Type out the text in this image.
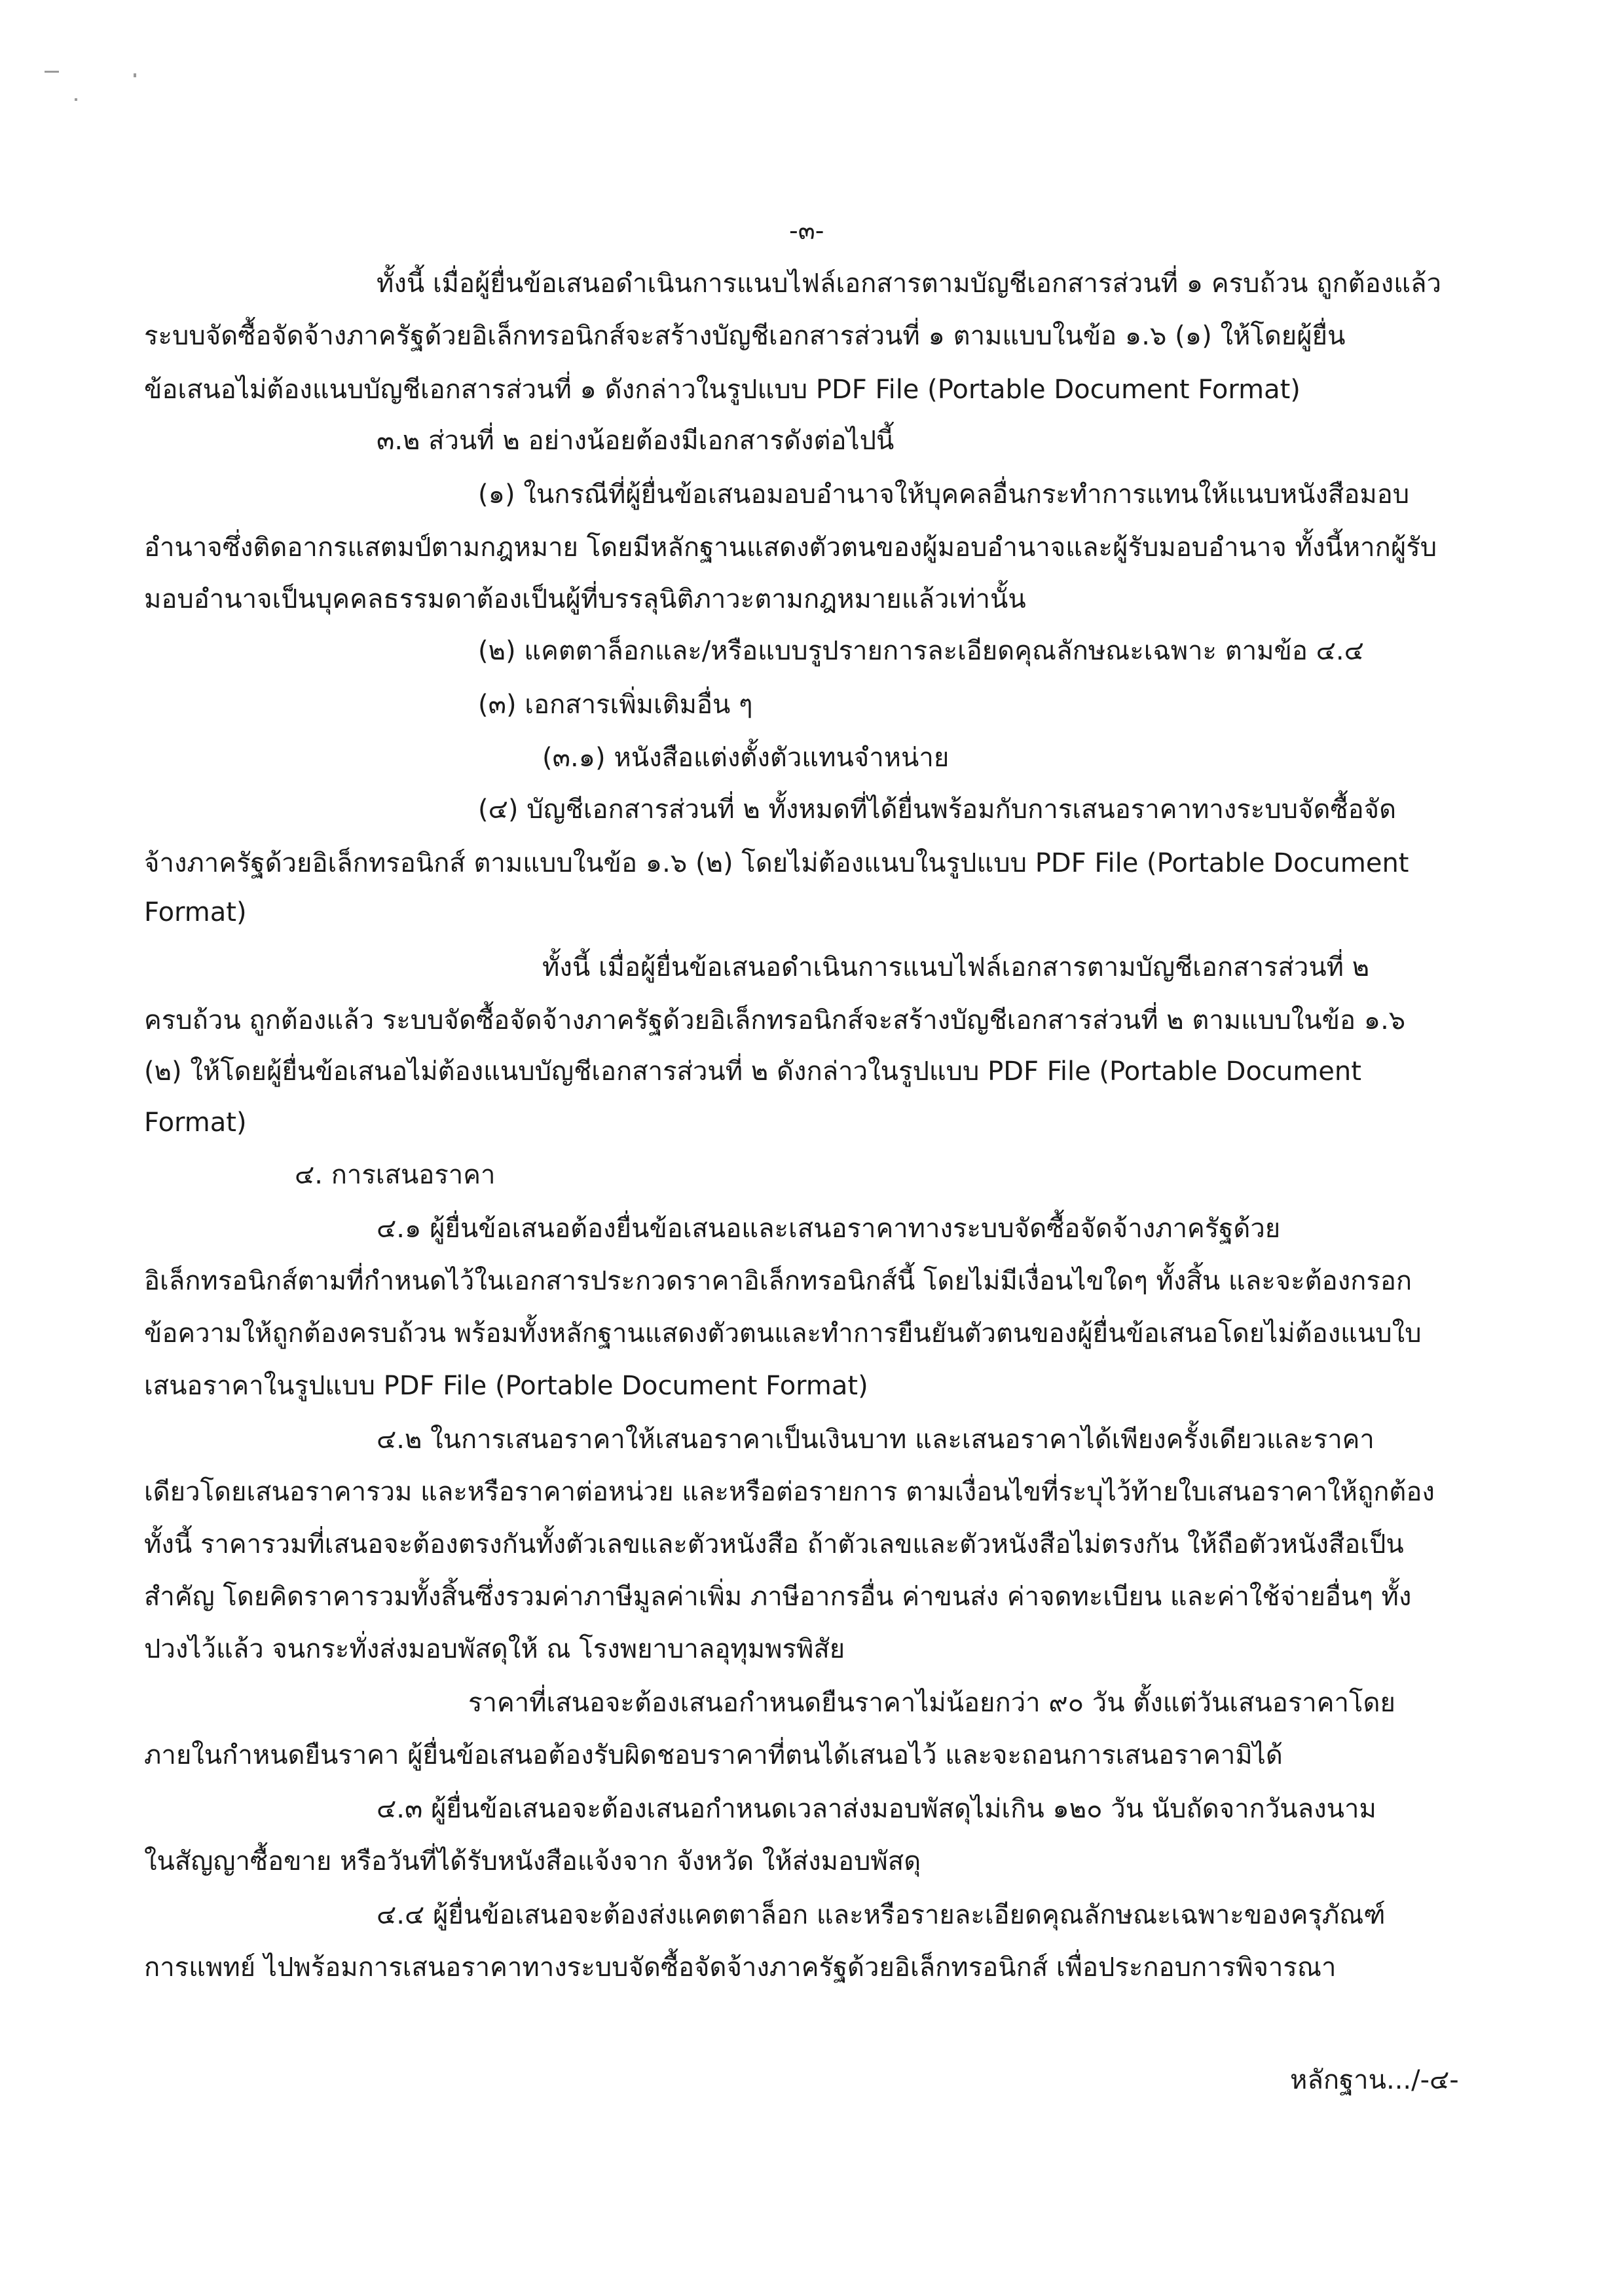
-๓-
ทั้งนี้ เมื่อผู้ยื่นข้อเสนอดำเนินการแนบไฟล์เอกสารตามบัญชีเอกสารส่วนที่ ๑ ครบถ้วน ถูกต้องแล้ว
ระบบจัดซื้อจัดจ้างภาครัฐด้วยอิเล็กทรอนิกส์จะสร้างบัญชีเอกสารส่วนที่ ๑ ตามแบบในข้อ ๑.๖ (๑) ให้โดยผู้ยื่น
ข้อเสนอไม่ต้องแนบบัญชีเอกสารส่วนที่ ๑ ดังกล่าวในรูปแบบ PDF File (Portable Document Format)
๓.๒ ส่วนที่ ๒ อย่างน้อยต้องมีเอกสารดังต่อไปนี้
(๑) ในกรณีที่ผู้ยื่นข้อเสนอมอบอำนาจให้บุคคลอื่นกระทำการแทนให้แนบหนังสือมอบ
อำนาจซึ่งติดอากรแสตมป์ตามกฎหมาย โดยมีหลักฐานแสดงตัวตนของผู้มอบอำนาจและผู้รับมอบอำนาจ ทั้งนี้หากผู้รับ
มอบอำนาจเป็นบุคคลธรรมดาต้องเป็นผู้ที่บรรลุนิติภาวะตามกฎหมายแล้วเท่านั้น
(๒) แคตตาล็อกและ/หรือแบบรูปรายการละเอียดคุณลักษณะเฉพาะ ตามข้อ ๔.๔
(๓) เอกสารเพิ่มเติมอื่น ๆ
(๓.๑) หนังสือแต่งตั้งตัวแทนจำหน่าย
(๔) บัญชีเอกสารส่วนที่ ๒ ทั้งหมดที่ได้ยื่นพร้อมกับการเสนอราคาทางระบบจัดซื้อจัด
จ้างภาครัฐด้วยอิเล็กทรอนิกส์ ตามแบบในข้อ ๑.๖ (๒) โดยไม่ต้องแนบในรูปแบบ PDF File (Portable Document
Format)
ทั้งนี้ เมื่อผู้ยื่นข้อเสนอดำเนินการแนบไฟล์เอกสารตามบัญชีเอกสารส่วนที่ ๒
ครบถ้วน ถูกต้องแล้ว ระบบจัดซื้อจัดจ้างภาครัฐด้วยอิเล็กทรอนิกส์จะสร้างบัญชีเอกสารส่วนที่ ๒ ตามแบบในข้อ ๑.๖
(๒) ให้โดยผู้ยื่นข้อเสนอไม่ต้องแนบบัญชีเอกสารส่วนที่ ๒ ดังกล่าวในรูปแบบ PDF File (Portable Document
Format)
๔. การเสนอราคา
๔.๑ ผู้ยื่นข้อเสนอต้องยื่นข้อเสนอและเสนอราคาทางระบบจัดซื้อจัดจ้างภาครัฐด้วย
อิเล็กทรอนิกส์ตามที่กำหนดไว้ในเอกสารประกวดราคาอิเล็กทรอนิกส์นี้ โดยไม่มีเงื่อนไขใดๆ ทั้งสิ้น และจะต้องกรอก
ข้อความให้ถูกต้องครบถ้วน พร้อมทั้งหลักฐานแสดงตัวตนและทำการยืนยันตัวตนของผู้ยื่นข้อเสนอโดยไม่ต้องแนบใบ
เสนอราคาในรูปแบบ PDF File (Portable Document Format)
๔.๒ ในการเสนอราคาให้เสนอราคาเป็นเงินบาท และเสนอราคาได้เพียงครั้งเดียวและราคา
เดียวโดยเสนอราคารวม และหรือราคาต่อหน่วย และหรือต่อรายการ ตามเงื่อนไขที่ระบุไว้ท้ายใบเสนอราคาให้ถูกต้อง
ทั้งนี้ ราคารวมที่เสนอจะต้องตรงกันทั้งตัวเลขและตัวหนังสือ ถ้าตัวเลขและตัวหนังสือไม่ตรงกัน ให้ถือตัวหนังสือเป็น
สำคัญ โดยคิดราคารวมทั้งสิ้นซึ่งรวมค่าภาษีมูลค่าเพิ่ม ภาษีอากรอื่น ค่าขนส่ง ค่าจดทะเบียน และค่าใช้จ่ายอื่นๆ ทั้ง
ปวงไว้แล้ว จนกระทั่งส่งมอบพัสดุให้ ณ โรงพยาบาลอุทุมพรพิสัย
ราคาที่เสนอจะต้องเสนอกำหนดยืนราคาไม่น้อยกว่า ๙๐ วัน ตั้งแต่วันเสนอราคาโดย
ภายในกำหนดยืนราคา ผู้ยื่นข้อเสนอต้องรับผิดชอบราคาที่ตนได้เสนอไว้ และจะถอนการเสนอราคามิได้
๔.๓ ผู้ยื่นข้อเสนอจะต้องเสนอกำหนดเวลาส่งมอบพัสดุไม่เกิน ๑๒๐ วัน นับถัดจากวันลงนาม
ในสัญญาซื้อขาย หรือวันที่ได้รับหนังสือแจ้งจาก จังหวัด ให้ส่งมอบพัสดุ
๔.๔ ผู้ยื่นข้อเสนอจะต้องส่งแคตตาล็อก และหรือรายละเอียดคุณลักษณะเฉพาะของครุภัณฑ์
การแพทย์ ไปพร้อมการเสนอราคาทางระบบจัดซื้อจัดจ้างภาครัฐด้วยอิเล็กทรอนิกส์ เพื่อประกอบการพิจารณา
หลักฐาน.../-๔-
